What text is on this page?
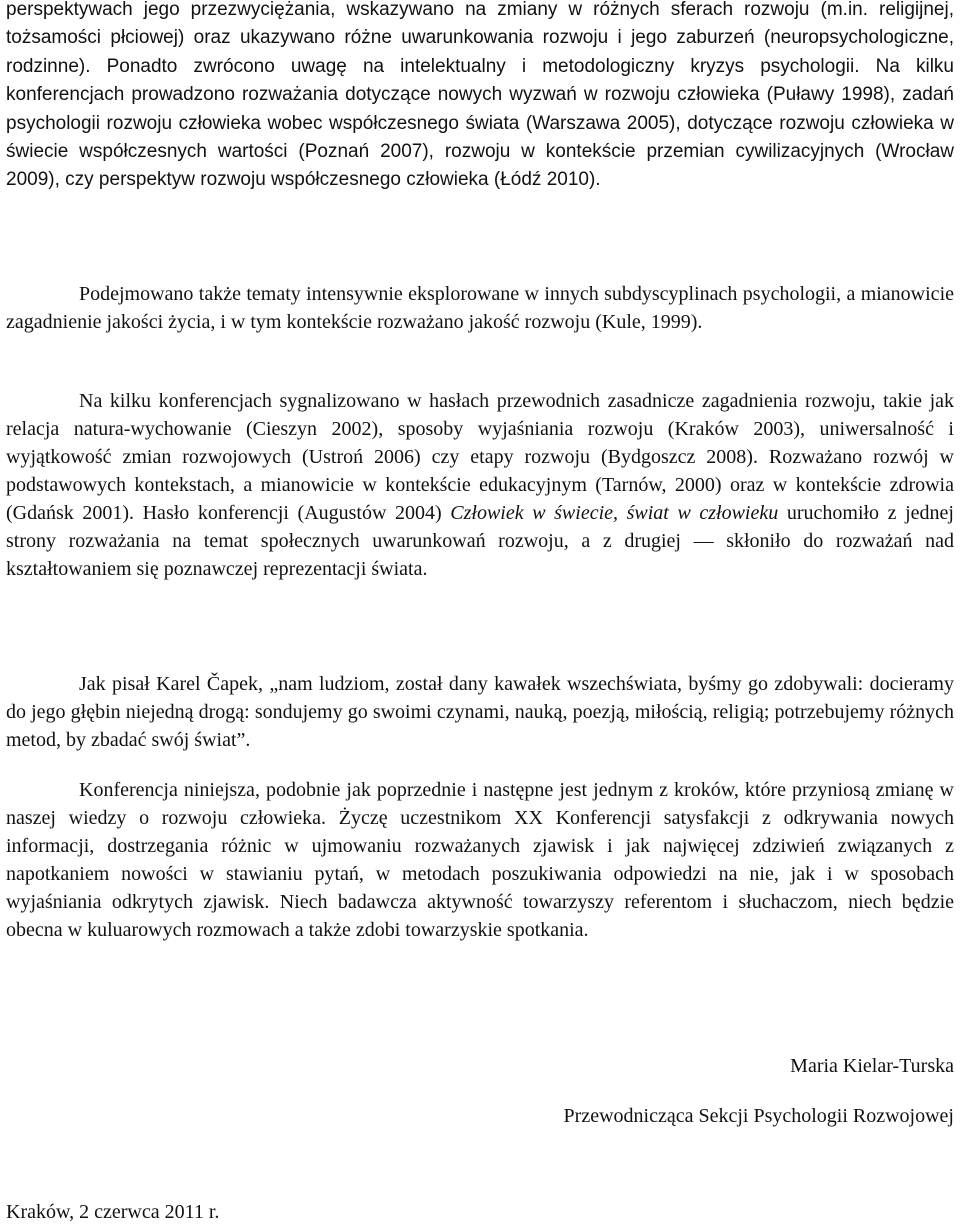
perspektywach jego przezwyciężania, wskazywano na zmiany w różnych sferach rozwoju (m.in. religijnej, tożsamości płciowej) oraz ukazywano różne uwarunkowania rozwoju i jego zaburzeń (neuropsychologiczne, rodzinne). Ponadto zwrócono uwagę na intelektualny i metodologiczny kryzys psychologii. Na kilku konferencjach prowadzono rozważania dotyczące nowych wyzwań w rozwoju człowieka (Puławy 1998), zadań psychologii rozwoju człowieka wobec współczesnego świata (Warszawa 2005), dotyczące rozwoju człowieka w świecie współczesnych wartości (Poznań 2007), rozwoju w kontekście przemian cywilizacyjnych (Wrocław 2009), czy perspektyw rozwoju współczesnego człowieka (Łódź 2010).

Podejmowano także tematy intensywnie eksplorowane w innych subdyscyplinach psychologii, a mianowicie zagadnienie jakości życia, i w tym kontekście rozważano jakość rozwoju (Kule, 1999).

Na kilku konferencjach sygnalizowano w hasłach przewodnich zasadnicze zagadnienia rozwoju, takie jak relacja natura-wychowanie (Cieszyn 2002), sposoby wyjaśniania rozwoju (Kraków 2003), uniwersalność i wyjątkowość zmian rozwojowych (Ustroń 2006) czy etapy rozwoju (Bydgoszcz 2008). Rozważano rozwój w podstawowych kontekstach, a mianowicie w kontekście edukacyjnym (Tarnów, 2000) oraz w kontekście zdrowia (Gdańsk 2001). Hasło konferencji (Augustów 2004) Człowiek w świecie, świat w człowieku uruchomiło z jednej strony rozważania na temat społecznych uwarunkowań rozwoju, a z drugiej — skłoniło do rozważań nad kształtowaniem się poznawczej reprezentacji świata.

Jak pisał Karel Čapek, „nam ludziom, został dany kawałek wszechświata, byśmy go zdobywali: docieramy do jego głębin niejedną drogą: sondujemy go swoimi czynami, nauką, poezją, miłością, religią; potrzebujemy różnych metod, by zbadać swój świat”.

Konferencja niniejsza, podobnie jak poprzednie i następne jest jednym z kroków, które przyniosą zmianę w naszej wiedzy o rozwoju człowieka. Życzę uczestnikom XX Konferencji satysfakcji z odkrywania nowych informacji, dostrzegania różnic w ujmowaniu rozważanych zjawisk i jak najwięcej zdziwień związanych z napotkaniem nowości w stawianiu pytań, w metodach poszukiwania odpowiedzi na nie, jak i w sposobach wyjaśniania odkrytych zjawisk. Niech badawcza aktywność towarzyszy referentom i słuchaczom, niech będzie obecna w kuluarowych rozmowach a także zdobi towarzyskie spotkania.

Maria Kielar-Turska

Przewodnicząca Sekcji Psychologii Rozwojowej

Kraków, 2 czerwca 2011 r.
